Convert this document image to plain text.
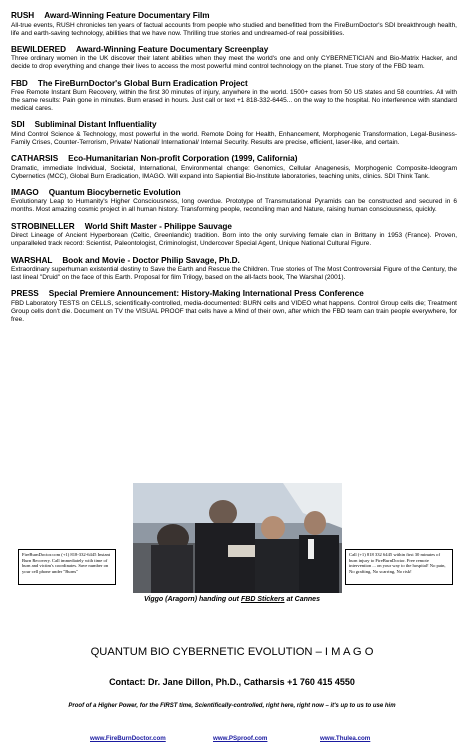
RUSH Award-Winning Feature Documentary Film
All-true events, RUSH chronicles ten years of factual accounts from people who studied and benefitted from the FireBurnDoctor's SDI breakthrough health, life and earth-saving technology, abilities that we have now. Thrilling true stories and undreamed-of real possibilities.
BEWILDERED Award-Winning Feature Documentary Screenplay
Three ordinary women in the UK discover their latent abilities when they meet the world's one and only CYBERNETICIAN and Bio-Matrix Hacker, and decide to drop everything and change their lives to access the most powerful mind control technology on the planet. True story of the FBD team.
FBD The FireBurnDoctor's Global Burn Eradication Project
Free Remote Instant Burn Recovery, within the first 30 minutes of injury, anywhere in the world. 1500+ cases from 50 US states and 58 countries. All with the same results: Pain gone in minutes. Burn erased in hours. Just call or text +1 818-332-6445... on the way to the hospital. No interference with standard medical cares.
SDI Subliminal Distant Influentiality
Mind Control Science & Technology, most powerful in the world. Remote Doing for Health, Enhancement, Morphogenic Transformation, Legal-Business-Family Crises, Counter-Terrorism, Private/ National/ International/ Internal Security. Results are precise, efficient, laser-like, and certain.
CATHARSIS Eco-Humanitarian Non-profit Corporation (1999, California)
Dramatic, immediate Individual, Societal, International, Environmental change: Genomics, Cellular Anagenesis, Morphogenic Composite-Ideogram Cybernetics (MCC), Global Burn Eradication, IMAGO. Will expand into Sapiential Bio-Institute laboratories, teaching units, clinics. SDI Think Tank.
IMAGO Quantum Biocybernetic Evolution
Evolutionary Leap to Humanity's Higher Consciousness, long overdue. Prototype of Transmutational Pyramids can be constructed and secured in 6 months. Most amazing cosmic project in all human history. Transforming people, reconciling man and Nature, raising human consciousness, quickly.
STROBINELLER World Shift Master - Philippe Sauvage
Direct Lineage of Ancient Hyperborean (Celtic, Greenlandic) tradition. Born into the only surviving female clan in Brittany in 1953 (France). Proven, unparalleled track record: Scientist, Paleontologist, Criminologist, Undercover Special Agent, Unique National Cultural Figure.
WARSHAL Book and Movie - Doctor Philip Savage, Ph.D.
Extraordinary superhuman existential destiny to Save the Earth and Rescue the Children. True stories of The Most Controversial Figure of the Century, the last lineal "Druid" on the face of this Earth. Proposal for film Trilogy, based on the all-facts book, The Warshal (2001).
PRESS Special Premiere Announcement: History-Making International Press Conference
FBD Laboratory TESTS on CELLS, scientifically-controlled, media-documented: BURN cells and VIDEO what happens. Control Group cells die; Treatment Group cells don't die. Document on TV the VISUAL PROOF that cells have a Mind of their own, after which the FBD team can train people everywhere, for free.
FireBurnDoctor.com (+1) 818-332-6445 Instant Burn Recovery. Call immediately with time of burn and victim's coordinates. Save number on your cell phone under "Burns"
Call (+1) 818 332 6445 within first 30 minutes of burn injury to FireBurnDoctor. Free remote intervention ... on your way to the hospital! No pain, No grafting, No scarring, No risk!
Viggo (Aragorn) handing out FBD Stickers at Cannes
QUANTUM BIO CYBERNETIC EVOLUTION – I M A G O
Contact: Dr. Jane Dillon, Ph.D., Catharsis +1 760 415 4550
Proof of a Higher Power, for the FIRST time, Scientifically-controlled, right here, right now – it's up to us to use him
www.FireBurnDoctor.com	www.PSproof.com	www.Thulea.com
